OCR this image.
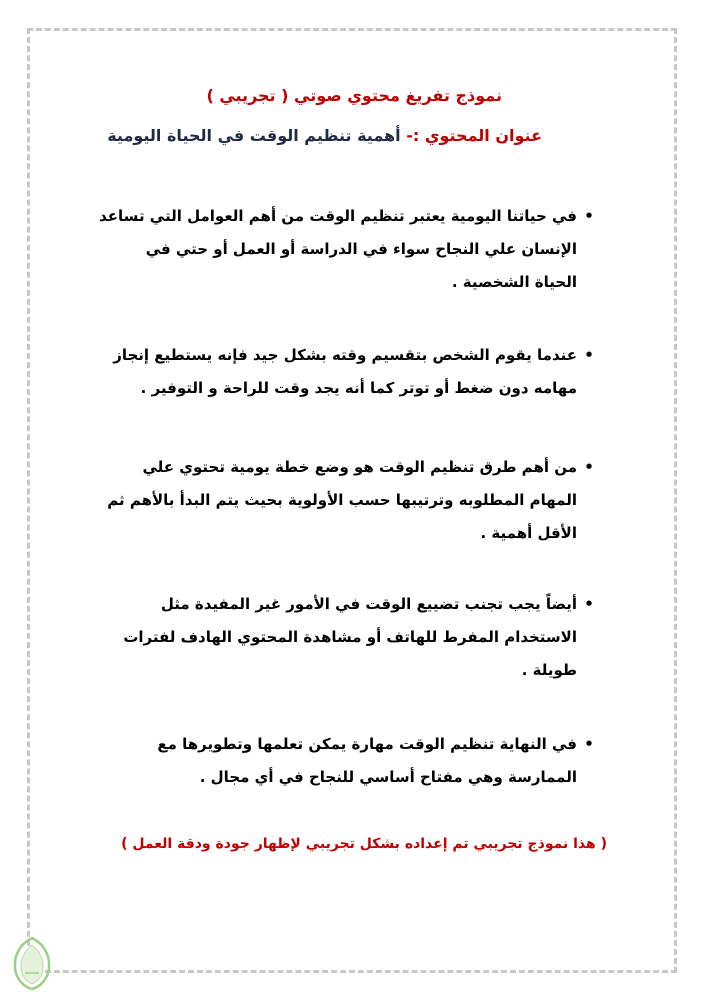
نموذج تفريغ محتوي صوتي ( تجريبي )

عنوان المحتوي :- أهمية تنظيم الوقت في الحياة اليومية

•
في حياتنا اليومية يعتبر تنظيم الوقت من أهم العوامل التي تساعد
الإنسان علي النجاح سواء في الدراسة أو العمل أو حتي في
الحياة الشخصية .
•
عندما يقوم الشخص بتقسيم وقته بشكل جيد فإنه يستطيع إنجاز
مهامه دون ضغط أو توتر كما أنه يجد وقت للراحة و التوفير .
•
من أهم طرق تنظيم الوقت هو وضع خطة يومية تحتوي علي
المهام المطلوبه وترتيبها حسب الأولوية بحيث يتم البدأ بالأهم ثم
الأقل أهمية .
•
أيضاً يجب تجنب تضييع الوقت في الأمور غير المفيدة مثل
الاستخدام المفرط للهاتف أو مشاهدة المحتوي الهادف لفترات
طويلة .
•
في النهاية تنظيم الوقت مهارة يمكن تعلمها وتطويرها مع
الممارسة وهي مفتاح أساسي للنجاح في أي مجال .

( هذا نموذج تجريبي تم إعداده بشكل تجريبي لإظهار جودة ودقة العمل )
